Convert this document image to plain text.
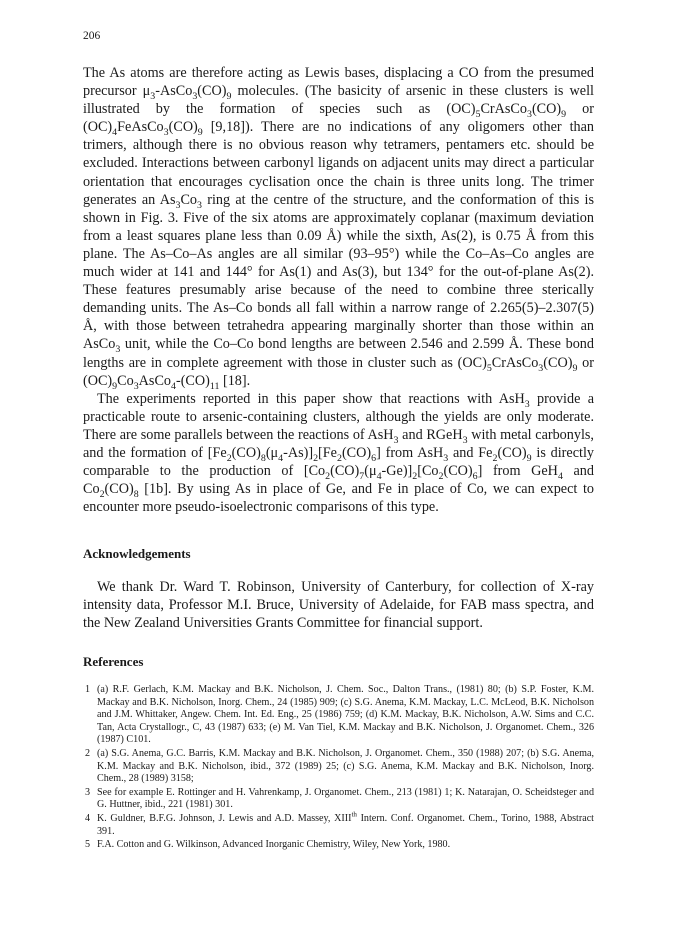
206

The As atoms are therefore acting as Lewis bases, displacing a CO from the presumed precursor $\mu_3-AsCo_3(CO)_9$ molecules. (The basicity of arsenic in these clusters is well illustrated by the formation of species such as $(OC)_5CrAsCo_3(CO)_9$ or $(OC)_4FeAsCo_3(CO)_9$ [9,18]). There are no indications of any oligomers other than trimers, although there is no obvious reason why tetramers, pentamers etc. should be excluded. Interactions between carbonyl ligands on adjacent units may direct a particular orientation that encourages cyclisation once the chain is three units long. The trimer generates an $As_3Co_3$ ring at the centre of the structure, and the conformation of this is shown in Fig. 3. Five of the six atoms are approximately coplanar (maximum deviation from a least squares plane less than 0.09 Å) while the sixth, As(2), is 0.75 Å from this plane. The As–Co–As angles are all similar (93–95°) while the Co–As–Co angles are much wider at 141 and 144° for As(1) and As(3), but 134° for the out-of-plane As(2). These features presumably arise because of the need to combine three sterically demanding units. The As–Co bonds all fall within a narrow range of 2.265(5)–2.307(5) Å, with those between tetrahedra appearing marginally shorter than those within an AsCo$_3$ unit, while the Co–Co bond lengths are between 2.546 and 2.599 Å. These bond lengths are in complete agreement with those in cluster such as $(OC)_5CrAsCo_3(CO)_9$ or $(OC)_9Co_3AsCo_4-(CO)_{11}$ [18].

The experiments reported in this paper show that reactions with AsH$_3$ provide a practicable route to arsenic-containing clusters, although the yields are only moderate. There are some parallels between the reactions of AsH$_3$ and RGeH$_3$ with metal carbonyls, and the formation of $[Fe_2(CO)_8(\mu_4-As)]_2[Fe_2(CO)_6]$ from AsH$_3$ and $Fe_2(CO)_9$ is directly comparable to the production of $[Co_2(CO)_7(\mu_4-Ge)]_2[Co_2(CO)_6]$ from GeH$_4$ and $Co_2(CO)_8$ [1b]. By using As in place of Ge, and Fe in place of Co, we can expect to encounter more pseudo-isoelectronic comparisons of this type.

Acknowledgements

We thank Dr. Ward T. Robinson, University of Canterbury, for collection of X-ray intensity data, Professor M.I. Bruce, University of Adelaide, for FAB mass spectra, and the New Zealand Universities Grants Committee for financial support.

References
1 (a) R.F. Gerlach, K.M. Mackay and B.K. Nicholson, J. Chem. Soc., Dalton Trans., (1981) 80; (b) S.P. Foster, K.M. Mackay and B.K. Nicholson, Inorg. Chem., 24 (1985) 909; (c) S.G. Anema, K.M. Mackay, L.C. McLeod, B.K. Nicholson and J.M. Whittaker, Angew. Chem. Int. Ed. Eng., 25 (1986) 759; (d) K.M. Mackay, B.K. Nicholson, A.W. Sims and C.C. Tan, Acta Crystallogr., C, 43 (1987) 633; (e) M. Van Tiel, K.M. Mackay and B.K. Nicholson, J. Organomet. Chem., 326 (1987) C101.
2 (a) S.G. Anema, G.C. Barris, K.M. Mackay and B.K. Nicholson, J. Organomet. Chem., 350 (1988) 207; (b) S.G. Anema, K.M. Mackay and B.K. Nicholson, ibid., 372 (1989) 25; (c) S.G. Anema, K.M. Mackay and B.K. Nicholson, Inorg. Chem., 28 (1989) 3158;
3 See for example E. Rottinger and H. Vahrenkamp, J. Organomet. Chem., 213 (1981) 1; K. Natarajan, O. Scheidsteger and G. Huttner, ibid., 221 (1981) 301.
4 K. Guldner, B.F.G. Johnson, J. Lewis and A.D. Massey, XIIIth Intern. Conf. Organomet. Chem., Torino, 1988, Abstract 391.
5 F.A. Cotton and G. Wilkinson, Advanced Inorganic Chemistry, Wiley, New York, 1980.
